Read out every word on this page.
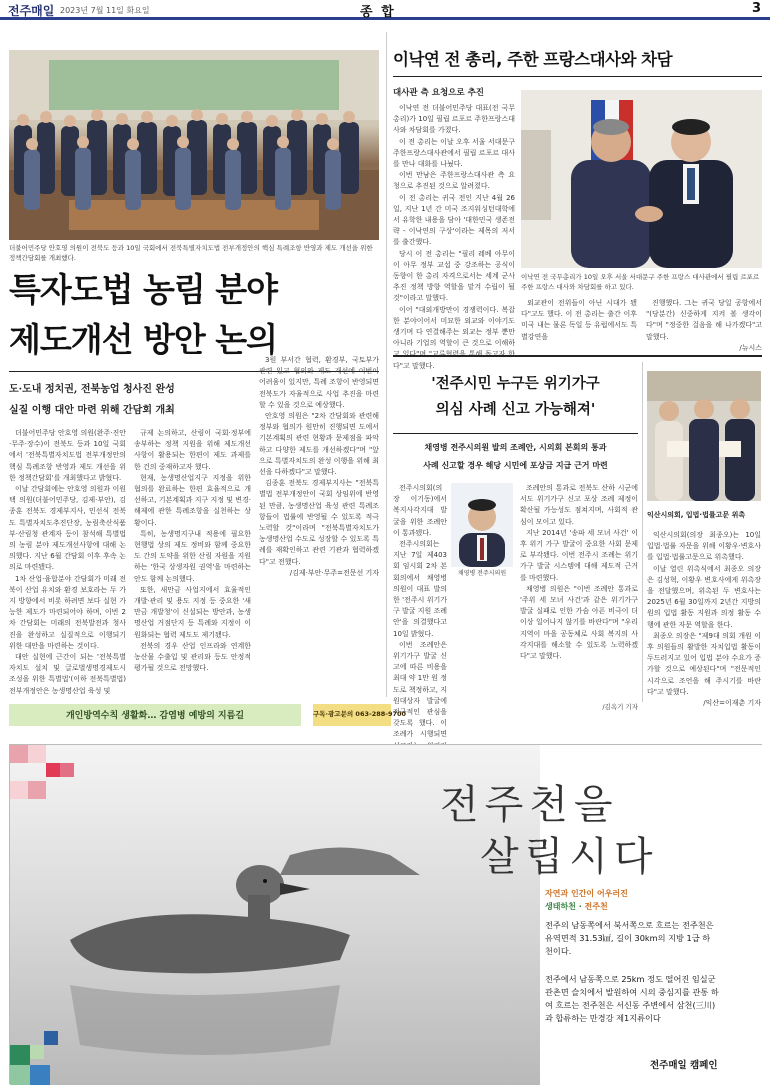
전주매일 2023년 7월 11일 화요일	종 합	3
더불어민주당 안호영 의원이 전북도 등과 10일 국회에서 전북특별자치도법 전부개정안의 핵심 특례조항 반영과 제도 개선을 위한 정책간담회를 개최했다.
특자도법 농림 분야
제도개선 방안 논의
도·도내 정치권, 전북농업 청사진 완성
실질 이행 대안 마련 위해 간담회 개최

더불어민주당 안호영 의원(완주·진안·무주·장수)이 전북도 등과 10일 국회에서 '전북특별자치도법 전부개정안의 핵심 특례조항 반영과 제도 개선을 위한 정책간담회'를 개최했다고 밝혔다.

이날 간담회에는 안호영 의원과 이원택 의원(더불어민주당, 김제·부안), 김종훈 전북도 경제부지사, 민선식 전북도 특별자치도추진단장, 농림축산식품부·산림청 관계자 등이 참석해 특별법의 농림 분야 제도개선사항에 대해 논의했다. 지난 6월 간담회 이후 후속 논의로 마련됐다.

1차 산업·융합분야 간담회가 미래 전북이 산업 유치와 환경 보호라는 두 가지 방향에서 비롯 하려면 보다 실현 가능한 제도가 마련되어야 하며, 이번 2차 간담회는 미래의 전북발전과 청사진을 완성하고 실질적으로 이행되기 위한 대안을 마련하는 것이다.

대안 실현에 근간이 되는 '전북특별자치도 설치 및 글로벌생명경제도시 조성을 위한 특별법'(이하 전북특별법) 전부개정안은 농생명산업 육성 및

규제 논의하고, 산림이 국회·정부에 송부하는 정책 지원을 위해 제도개선 사항이 활용되는 한편이 제도 과제를 한 건의 중재하고자 했다.

현재, 농생명산업지구 지정을 위한 협의를 완료하는 한편 효율적으로 개선하고, 기본계획과 지구 지정 및 변경·해제에 관한 특례조항을 실천하는 상황이다.

특히, 농생명지구내 적용에 필요한 현행법 상의 제도 정비와 함께 중요한 도 간의 도약을 위한 산림 자원을 지원하는 '한국 상생자원 권역'을 마련하는 안도 함께 논의했다.

또한, 새만금 사업지에서 효율적인 개발·관리 및 용도 지정 등 중요한 '새만금 개발청'이 신설되는 방안과, 농생명산업 거점단지 등 특례와 지정이 이원화되는 협력 제도도 제기됐다.

전북의 경우 산업 인프라와 연계한 농산물 수출입 및 관리와 등도 안정적 평가될 것으로 전망했다.

3원 부서간 협력, 환경부, 국토부가 관련 있고 협의와 제도 개선에 이번이 어려움이 있지만, 특례 조항이 반영되면 전북도가 자율적으로 사업 추진을 마련할 수 있을 것으로 예상했다.

안호영 의원은 "2차 간담회와 관련해 정부와 협의가 원만히 진행되면 도에서 기본계획의 관련 현황과 문제점을 파악하고 다양한 제도를 개선하겠다"며 "앞으로 특별자치도의 완성 이행을 위해 최선을 다하겠다"고 말했다.

김종훈 전북도 경제부지사는 "전북특별법 전부개정안이 국회 상임위에 반영된 만큼, 농생명산업 육성 관련 특례조항들이 법률에 반영될 수 있도록 적극 노력할 것"이라며 "전북특별자치도가 농생명산업 수도로 성장할 수 있도록 특례를 재확인하고 관련 기관과 협력하겠다"고 전했다.

/김제·부안·무주=전문선 기자

이낙연 전 총리, 주한 프랑스대사와 차담
대사관 측 요청으로 추진

이낙연 전 더불어민주당 대표(전 국무총리)가 10일 필립 르포르 주한프랑스대사와 차담회를 가졌다.

이 전 총리는 이날 오후 서울 서대문구 주한프랑스대사관에서 필립 르포르 대사를 만나 대화를 나눴다.

이번 만남은 주한프랑스대사관 측 요청으로 추진된 것으로 알려졌다.

이 전 총리는 귀국 전인 지난 4월 26일, 지난 1년 간 미국 조지워싱턴대학에서 유학한 내용을 담아 '대한민국 생존전략 - 이낙연의 구상'이라는 제목의 저서를 출간했다.

당시 이 전 총리는 "필리 레베 아무이 이 아무 정부 교섭 중 강조하는 공식이 동향이 한 총리 자격으로서는 세계 군사 추진 정책 방향 역할을 맡겨 수립이 될 것"이라고 말했다.

이어 "대외개방만이 경쟁력이다. 복잡한 분야이어서 미묘한 외교와 이야기도 생기며 다 연결해주는 외교는 정부 뿐만 아니라 기업의 역할이 큰 것으로 이해하 다"고 말했다.

이낙연 전 국무총리가 10일 오후 서울 서대문구 주한 프랑스 대사관에서 필립 르포르 주한 프랑스 대사와 차담회를 하고 있다.

외교관이 전위들이 아닌 시대가 됐다"고도 했다. 이 전 총리는 출간 이후 미국 내는 물론 독일 등 유럽에서도 특별강연을

진행했다. 그는 귀국 당일 공항에서 "(당분간) 신중하게 지켜 볼 생각이다"며 "정중한 걸음을 해 나가겠다"고 말했다.

/뉴시스

'전주시민 누구든 위기가구
의심 사례 신고 가능해져'
채영병 전주시의원 발의 조례안, 시의회 본회의 통과
사례 신고할 경우 해당 시민에 포상금 지급 근거 마련

전주시의회(의장 이기동)에서 복지사각지대 발굴을 위한 조례안이 통과됐다.

전주시의회는 지난 7일 제403회 임시회 2차 본회의에서 채영병 의원이 대표 발의한 '전주시 위기가구 발굴 지원 조례안'을 의결했다고 10일 밝혔다.

이번 조례안은 위기가구 발굴 신고에 따른 비용을 최대 약 1만 원 정도로 책정하고, 지원대상자 발굴에 적극적인 관심을 갖도록 했다. 이 조례가 시행되면

채영병 전주시의원

조례안의 통과로 전북도 산하 시군에서도 위기가구 신고 포상 조례 제정이 확산될 가능성도 점쳐지며, 사회적 관심이 모이고 있다.

지난 2014년 '송파 세 모녀 사건' 이후 위기 가구 발굴이 중요한 사회 문제로 부각됐다. 이번 전주시 조례는 위기가구 발굴 시스템에 대해 제도적 근거를 마련했다.

채영병 의원은 "이번 조례안 통과로 '주위 세 모녀 사건'과 같은 위기가구 발굴 실패로 인한 가슴 아픈 비극이 더 이상 일어나지 않기를 바란다"며 "우리 지역이 마을 공동체로 사회 복지의 사각지대를 해소할 수 있도록 노력하겠다"고 말했다.

/김옥기 기자
익산시의회, 입법·법률고문 위촉

익산시의회(의장 최종오)는 10일 입법·법률 자문을 위해 이황우·변호사를 입법·법률고문으로 위촉했다.

이날 열린 위촉식에서 최종오 의장은 김성혁, 이황우 변호사에게 위촉장을 전달했으며, 위촉된 두 변호사는 2025년 6월 30일까지 2년간 지방의원의 입법 활동 지원과 의정 활동 수행에 관한 자문 역할을 한다.

최종오 의장은 "제9대 의회 개원 이후 의원들의 활발한 자치입법 활동이 두드러지고 있어 입법 분야 수요가 증가할 것으로 예상된다"며 "전문적인 시각으로 조언을 해 주시기를 바란다"고 말했다.

/익산=이재춘 기자

개인방역수칙 생활화… 감염병 예방의 지름길	구독·광고문의 063-288-9700
전주천을
살립시다
자연과 인간이 어우러진
생태하천 · 전주천
전주의 남동쪽에서 북서쪽으로 흐르는 전주천은 유역면적 31.53㎢, 길이 30km의 지방 1급 하천이다.
전주에서 남동쪽으로 25km 정도 떨어진 임실군 관촌면 슬치에서 발원하여 시의 중심지를 관통 하여 흐르는 전주천은 서신동 주변에서 삼천(三川)과 합류하는 만경강 제1지류이다
전주매일 캠페인
